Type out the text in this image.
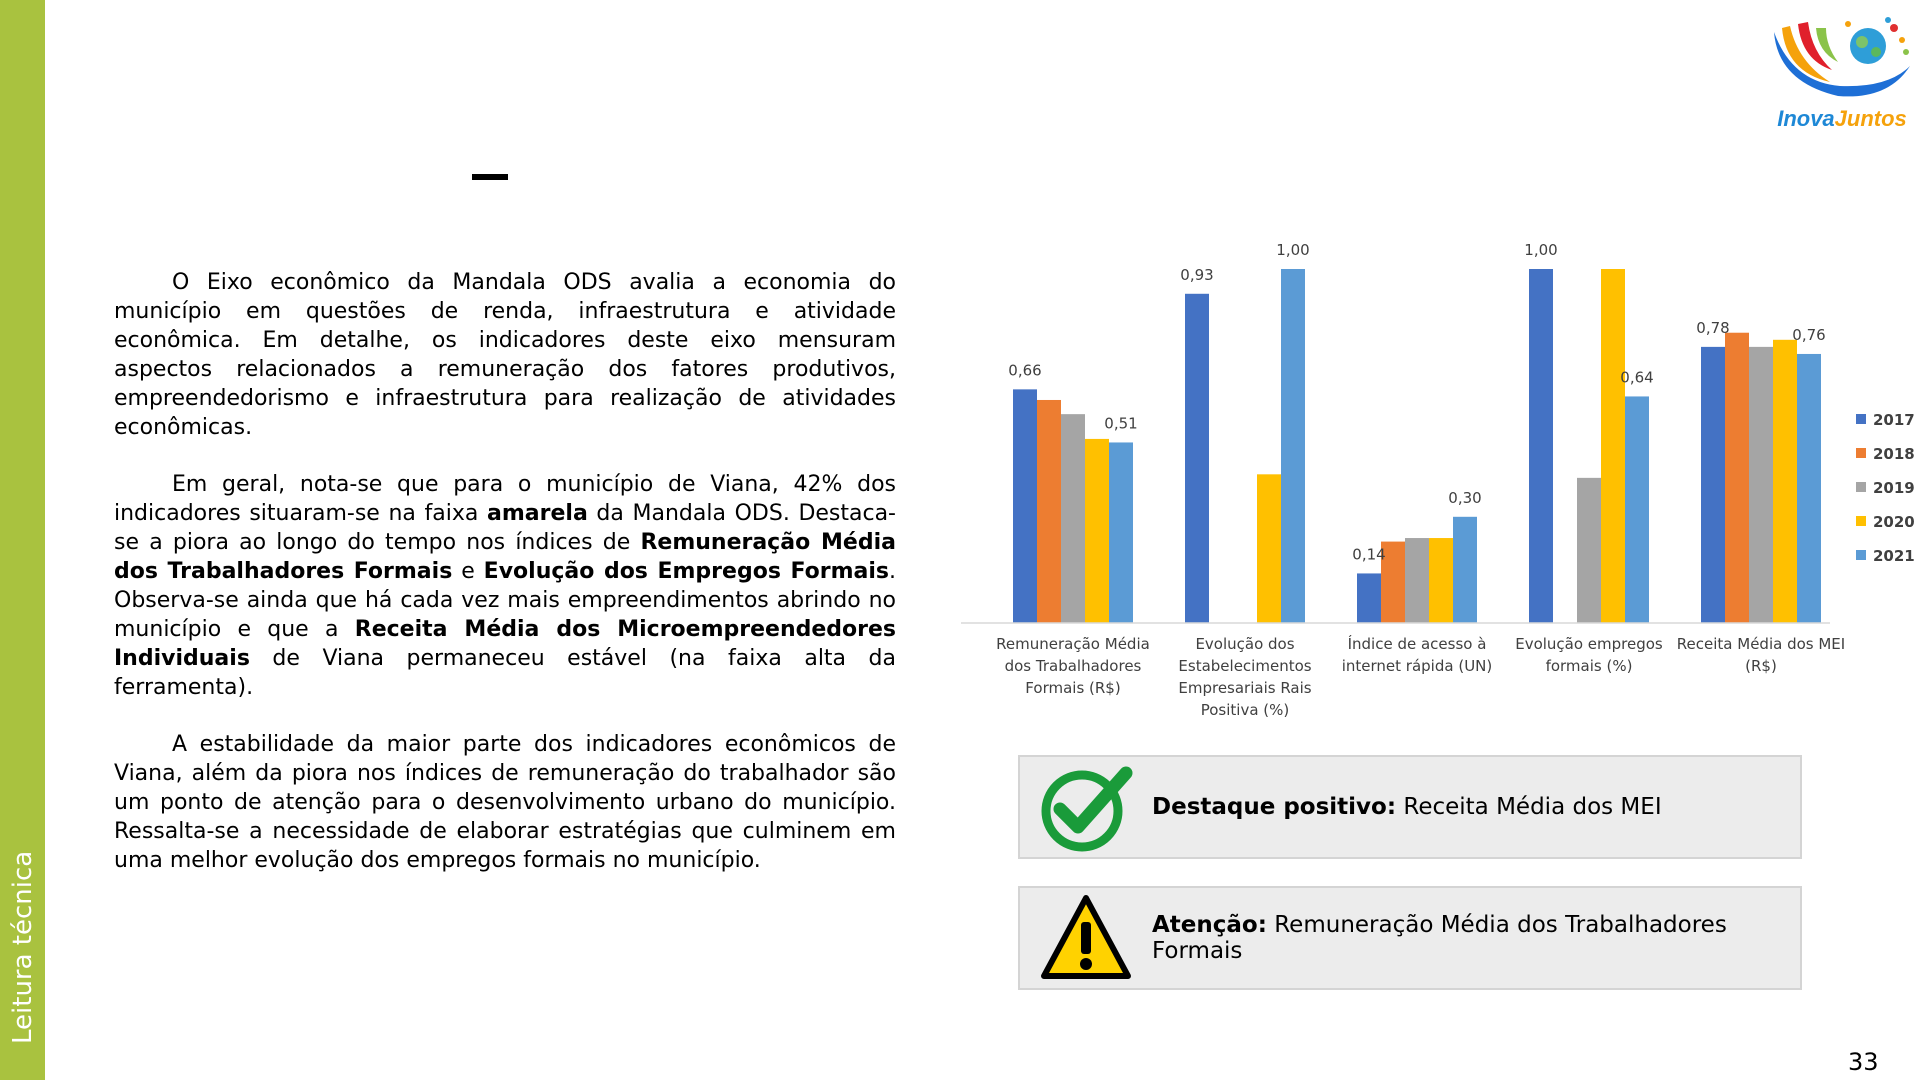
Leitura técnica
InovaJuntos

O Eixo econômico da Mandala ODS avalia a economia do município em questões de renda, infraestrutura e atividade econômica. Em detalhe, os indicadores deste eixo mensuram aspectos relacionados a remuneração dos fatores produtivos, empreendedorismo e infraestrutura para realização de atividades econômicas.

Em geral, nota-se que para o município de Viana, 42% dos indicadores situaram-se na faixa amarela da Mandala ODS. Destaca-se a piora ao longo do tempo nos índices de Remuneração Média dos Trabalhadores Formais e Evolução dos Empregos Formais. Observa-se ainda que há cada vez mais empreendimentos abrindo no município e que a Receita Média dos Microempreendedores Individuais de Viana permaneceu estável (na faixa alta da ferramenta).

A estabilidade da maior parte dos indicadores econômicos de Viana, além da piora nos índices de remuneração do trabalhador são um ponto de atenção para o desenvolvimento urbano do município. Ressalta-se a necessidade de elaborar estratégias que culminem em uma melhor evolução dos empregos formais no município.

0,66
0,51
0,93
1,00
0,14
0,30
1,00
0,64
0,78	0,76
Remuneração Média
dos Trabalhadores
Formais (R$)
Evolução dos
Estabelecimentos
Empresariais Rais
Positiva (%)
Índice de acesso à
internet rápida (UN)
Evolução empregos
formais (%)
Receita Média dos MEI
(R$)
2017
2018
2019
2020
2021
Destaque positivo: Receita Média dos MEI
Atenção: Remuneração Média dos Trabalhadores Formais
33
